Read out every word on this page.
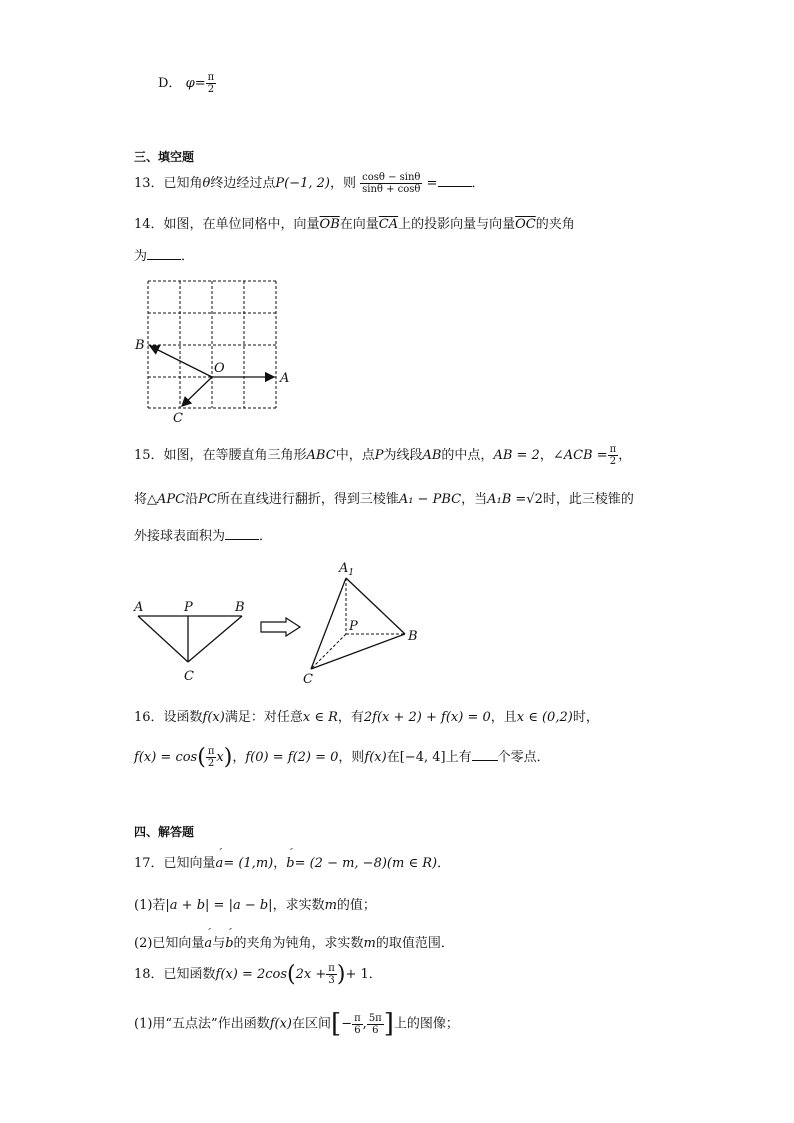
D． $\varphi= \frac{\pi}{2}$
三、填空题
13．已知角θ终边经过点P(−1, 2)，则 $\frac{\cos\theta - \sin\theta}{\sin\theta + \cos\theta}$ =	．
14．如图，在单位同格中，向量$\overline{OB}$在向量$\overline{CA}$上的投影向量与向量$\overline{OC}$的夹角
为	．
B
O
A
C
15．如图，在等腰直角三角形ABC中，点P为线段AB的中点，AB = 2，∠ACB = $\frac{\pi}{2}$ ，
将△APC沿PC所在直线进行翻折，得到三棱锥A₁ − PBC，当A₁B =√2时，此三棱锥的
外接球表面积为	．
A	P	B
C
$A_1$
P
B
C
16．设函数f(x)满足：对任意x ∈ R，有2f(x + 2) + f(x) = 0，且x ∈ (0,2)时，
$f(x) = \cos( \frac{\pi}{2} x)$，f(0) = f(2) = 0，则f(x)在[−4, 4]上有 个零点．
四、解答题
17．已知向量ˊ a= (1,m)，ˊ b= (2 − m, −8)(m ∈ R)．
(1)若|a + b| = |a − b|，求实数m的值；
(2)已知向量ˊ a与ˊ b的夹角为钝角，求实数m的取值范围．
18．已知函数$f(x) = 2\cos(2x + \frac{\pi}{3}$ )+ 1．
(1)用“五点法”作出函数f(x)在区间[− $\frac{\pi}{6}$ , $\frac{5\pi}{6}$ ]上的图像；
